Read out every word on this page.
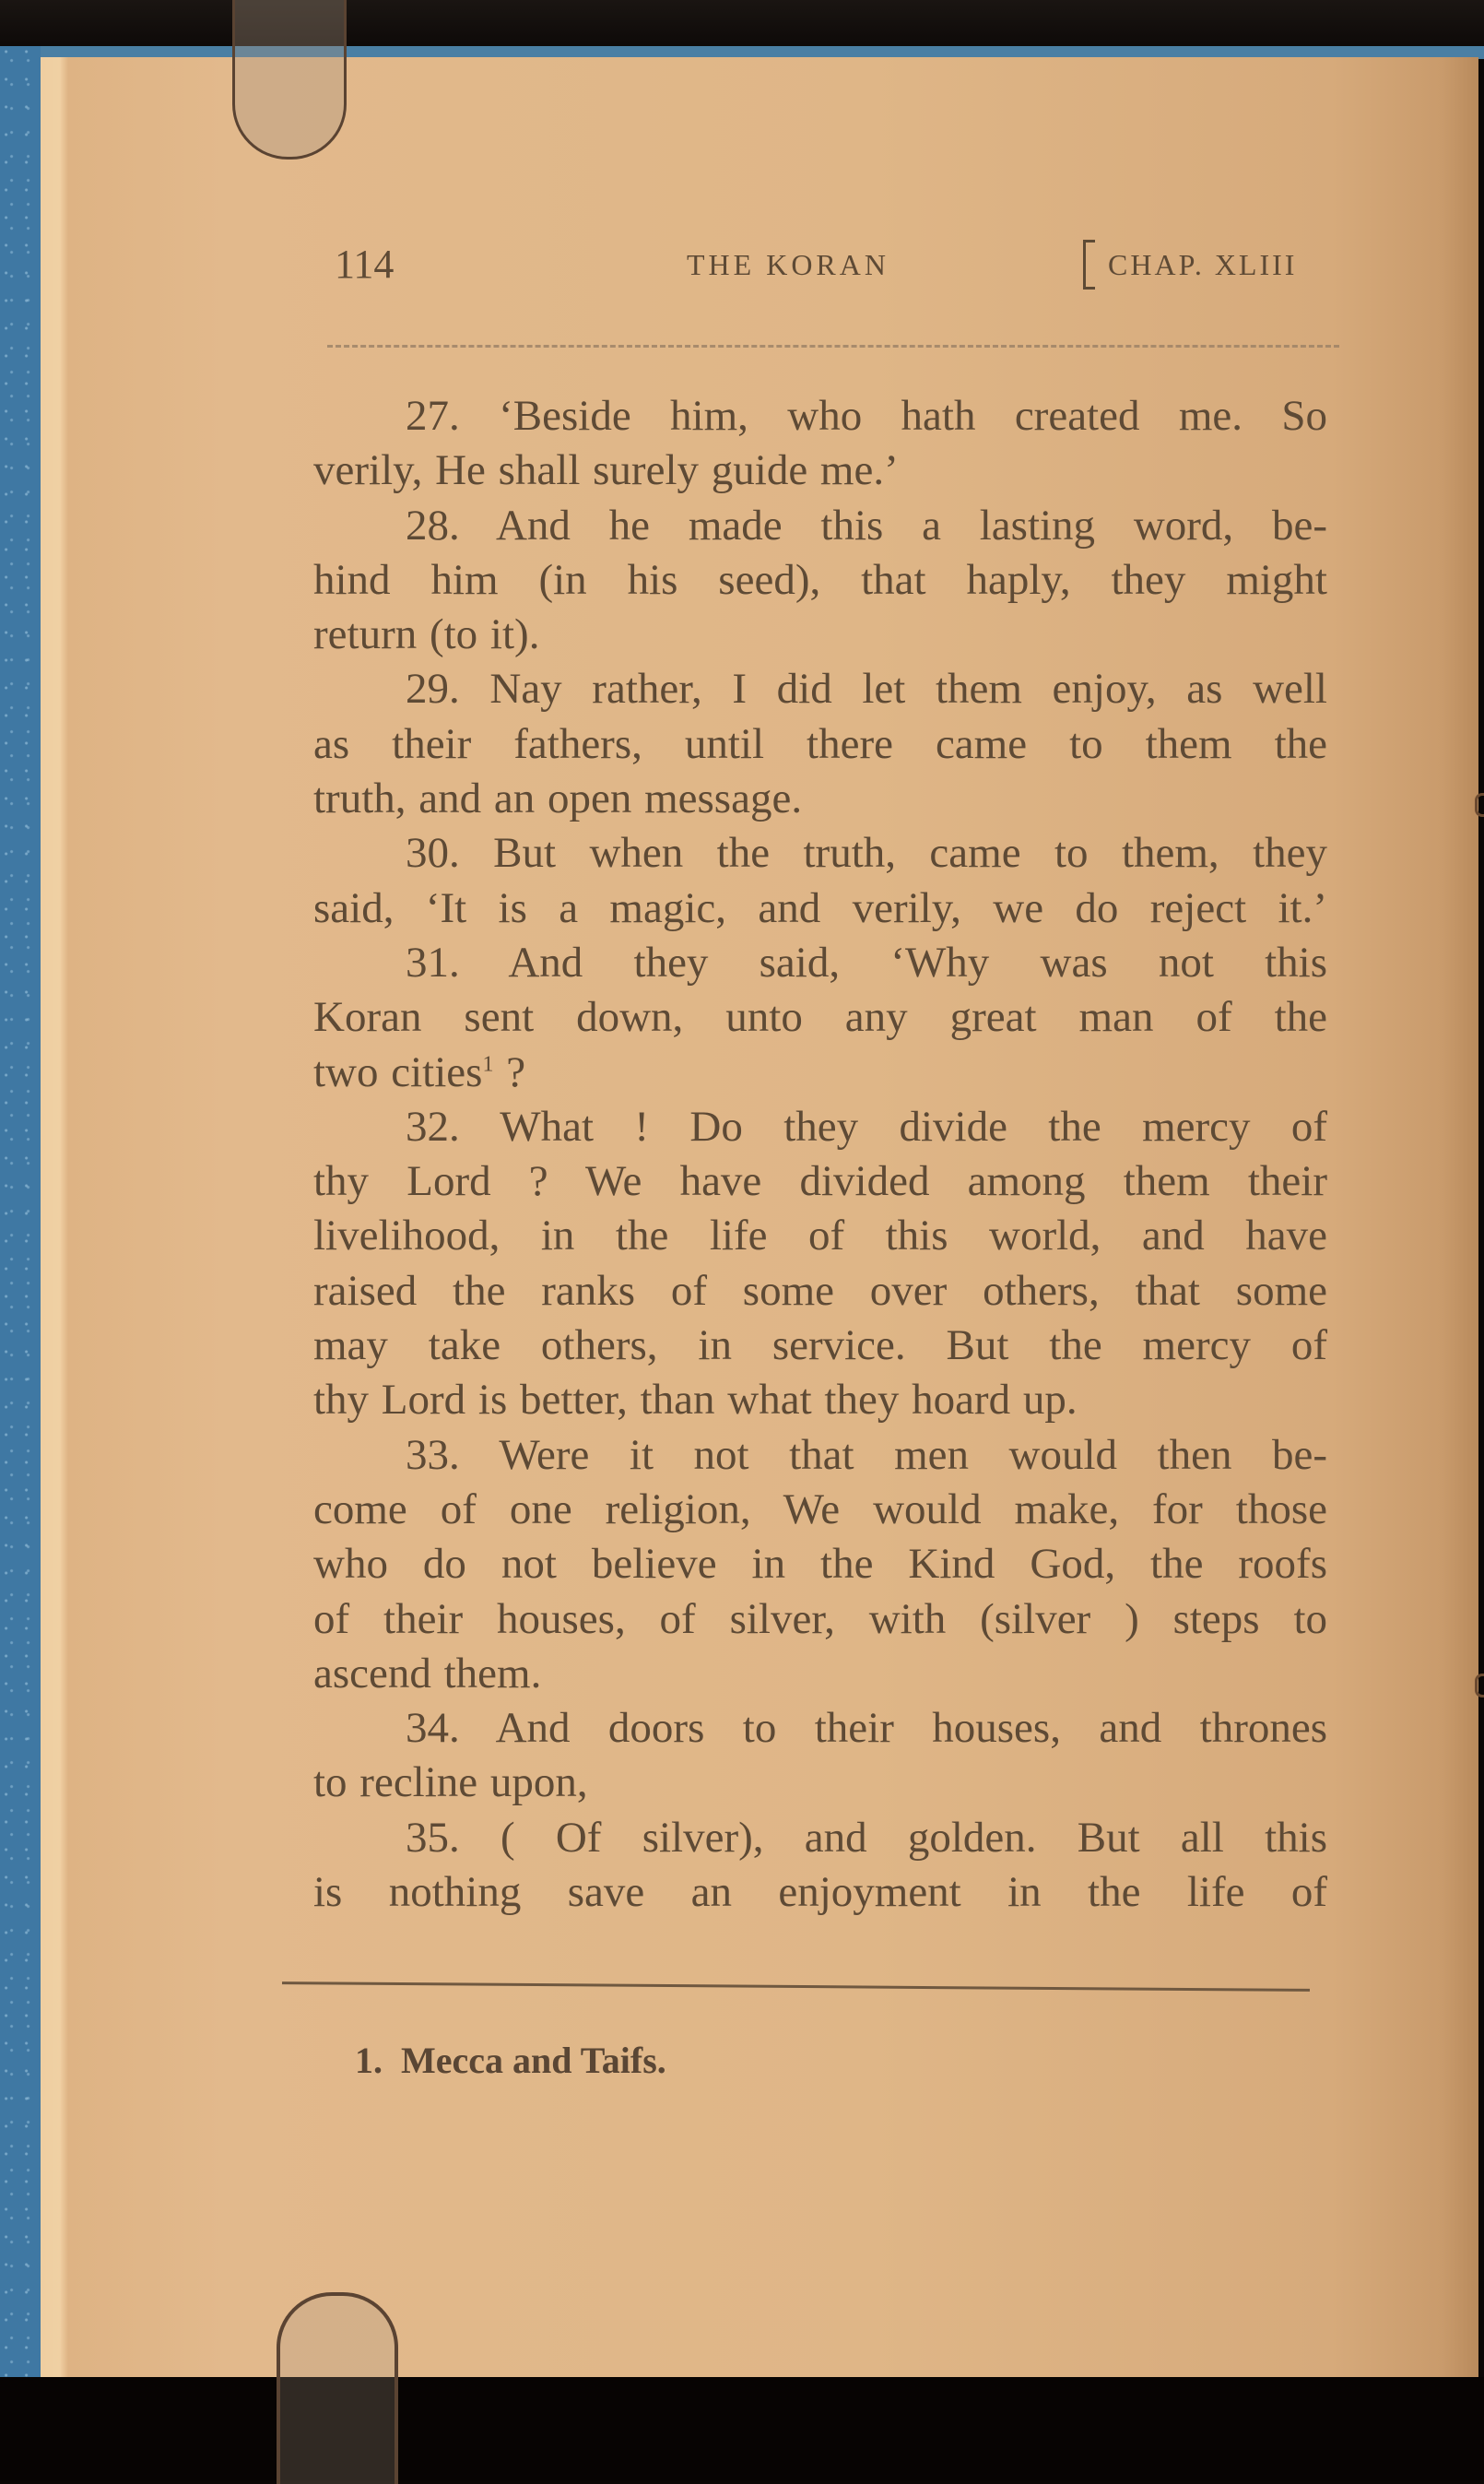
114	THE KORAN	CHAP. XLIII
27. ‘Beside him, who hath created me. So
verily, He shall surely guide me.’
28. And he made this a lasting word, be-
hind him (in his seed), that haply, they might
return (to it).
29. Nay rather, I did let them enjoy, as well
as their fathers, until there came to them the
truth, and an open message.
30. But when the truth, came to them, they
said, ‘It is a magic, and verily, we do reject it.’
31. And they said, ‘Why was not this
Koran sent down, unto any great man of the
two cities$^1$ ?
32. What ! Do they divide the mercy of
thy Lord ? We have divided among them their
livelihood, in the life of this world, and have
raised the ranks of some over others, that some
may take others, in service. But the mercy of
thy Lord is better, than what they hoard up.
33. Were it not that men would then be-
come of one religion, We would make, for those
who do not believe in the Kind God, the roofs
of their houses, of silver, with (silver ) steps to
ascend them.
34. And doors to their houses, and thrones
to recline upon,
35. ( Of silver), and golden. But all this
is nothing save an enjoyment in the life of
1. Mecca and Taifs.
